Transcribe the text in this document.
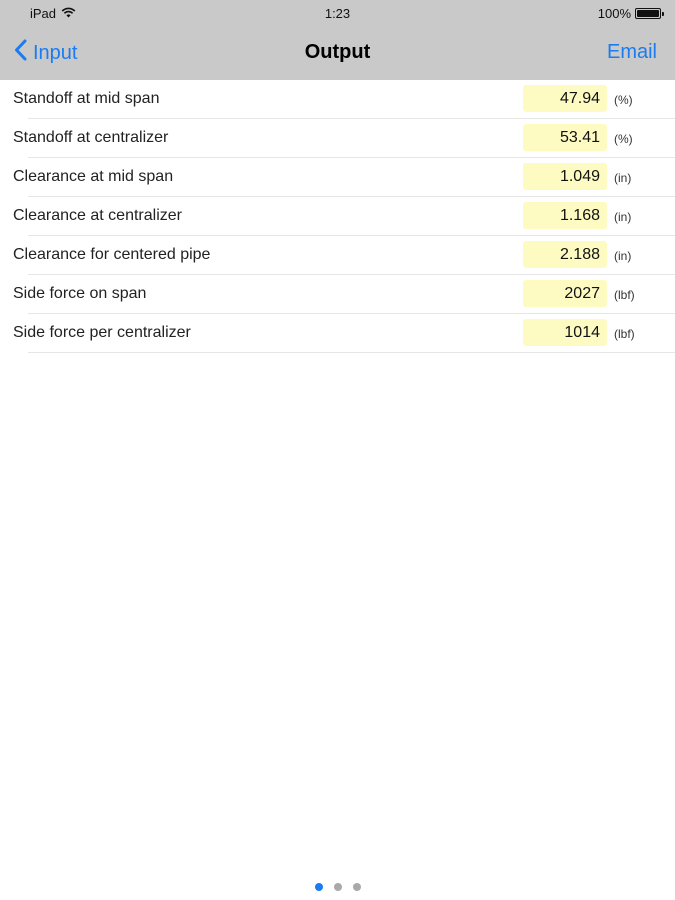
iPad	1:23	100%
Input	Output	Email
Standoff at mid span	47.94	(%)
Standoff at centralizer	53.41	(%)
Clearance at mid span	1.049	(in)
Clearance at centralizer	1.168	(in)
Clearance for centered pipe	2.188	(in)
Side force on span	2027	(lbf)
Side force per centralizer	1014	(lbf)
